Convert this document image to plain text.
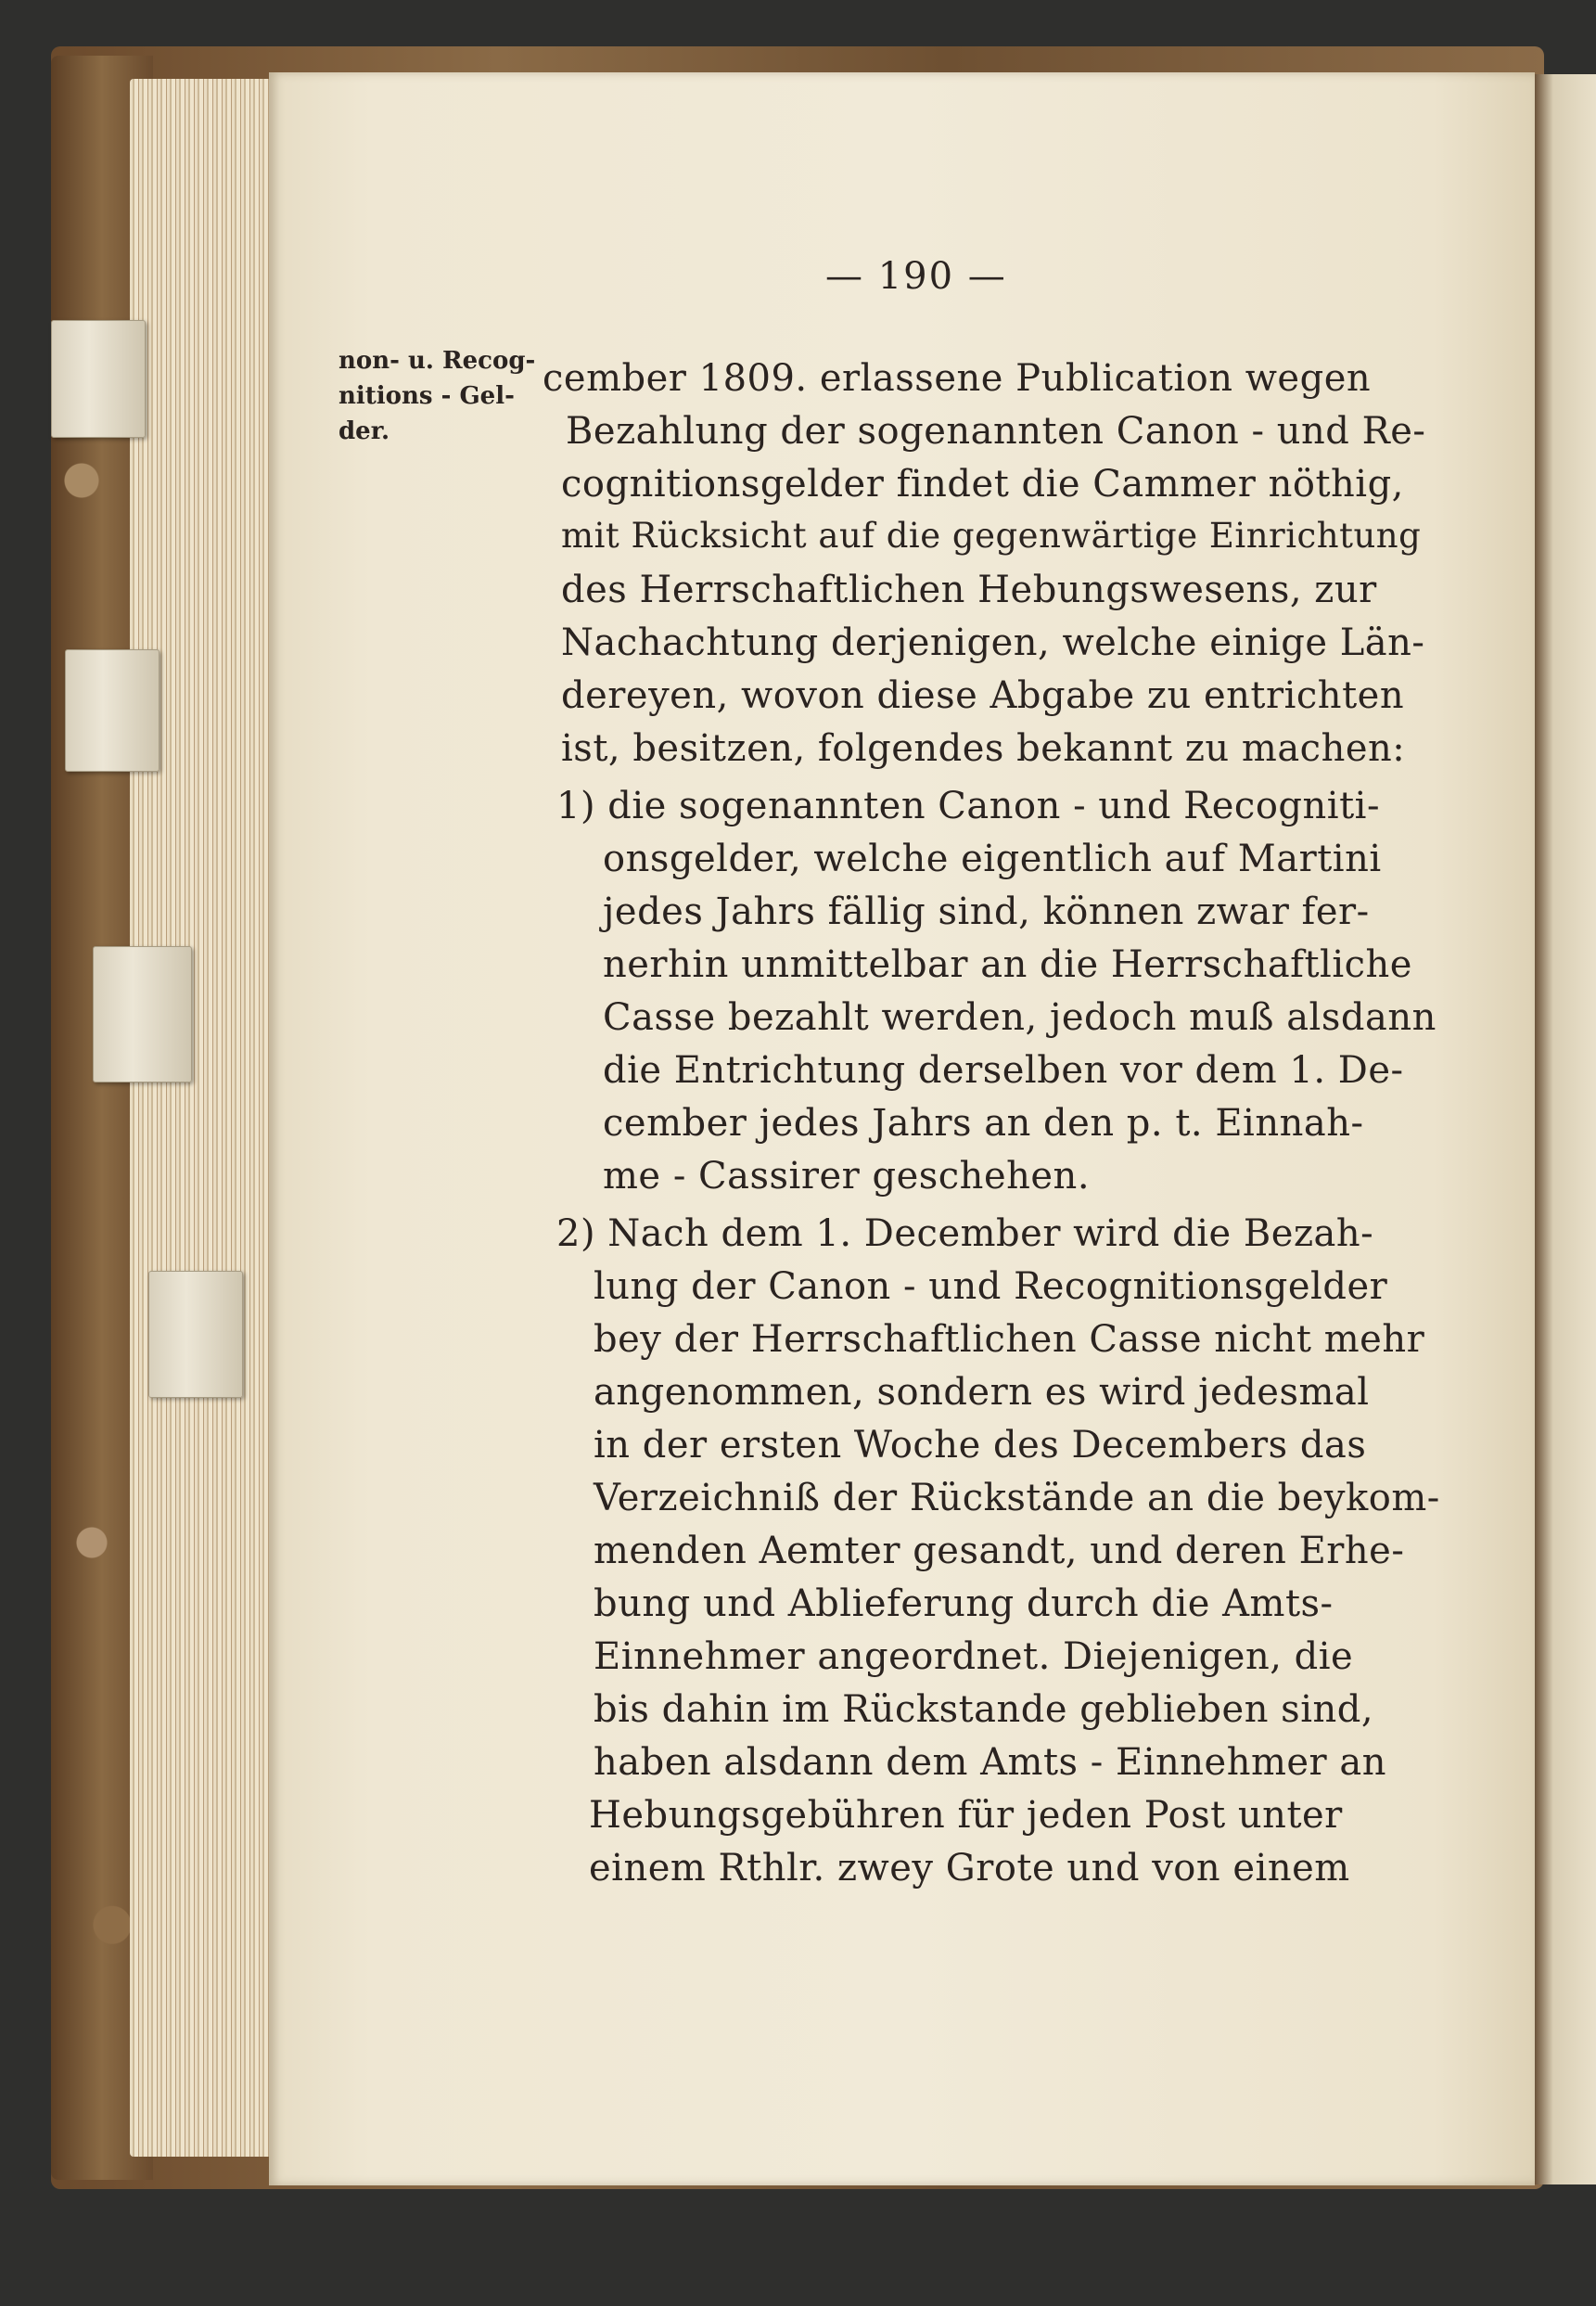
— 190 —
non- u. Recog-
nitions - Gel-
der.
cember 1809. erlassene Publication wegen
Bezahlung der sogenannten Canon - und Re-
cognitionsgelder findet die Cammer nöthig,
mit Rücksicht auf die gegenwärtige Einrichtung
des Herrschaftlichen Hebungswesens, zur
Nachachtung derjenigen, welche einige Län-
dereyen, wovon diese Abgabe zu entrichten
ist, besitzen, folgendes bekannt zu machen:
1) die sogenannten Canon - und Recogniti-
onsgelder, welche eigentlich auf Martini
jedes Jahrs fällig sind, können zwar fer-
nerhin unmittelbar an die Herrschaftliche
Casse bezahlt werden, jedoch muß alsdann
die Entrichtung derselben vor dem 1. De-
cember jedes Jahrs an den p. t. Einnah-
me - Cassirer geschehen.
2) Nach dem 1. December wird die Bezah-
lung der Canon - und Recognitionsgelder
bey der Herrschaftlichen Casse nicht mehr
angenommen, sondern es wird jedesmal
in der ersten Woche des Decembers das
Verzeichniß der Rückstände an die beykom-
menden Aemter gesandt, und deren Erhe-
bung und Ablieferung durch die Amts-
Einnehmer angeordnet. Diejenigen, die
bis dahin im Rückstande geblieben sind,
haben alsdann dem Amts - Einnehmer an
Hebungsgebühren für jeden Post unter
einem Rthlr. zwey Grote und von einem
